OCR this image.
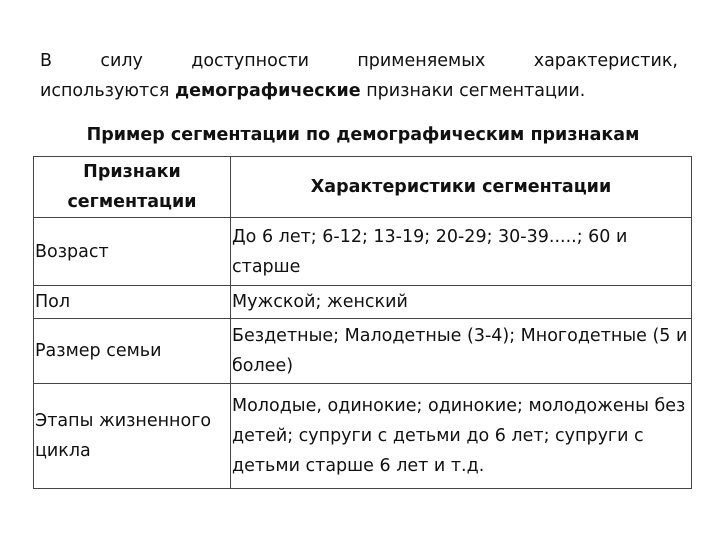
В	силу	доступности	применяемых	характеристик,
используются демографические признаки сегментации.
Пример сегментации по демографическим признакам
Признаки сегментации	Характеристики сегментации
Возраст	До 6 лет; 6-12; 13-19; 20-29; 30-39.....; 60 и старше
Пол	Мужской; женский
Размер семьи	Бездетные; Малодетные (3-4); Многодетные (5 и более)
Этапы жизненного цикла	Молодые, одинокие; одинокие; молодожены без детей; супруги с детьми до 6 лет; супруги с детьми старше 6 лет и т.д.
